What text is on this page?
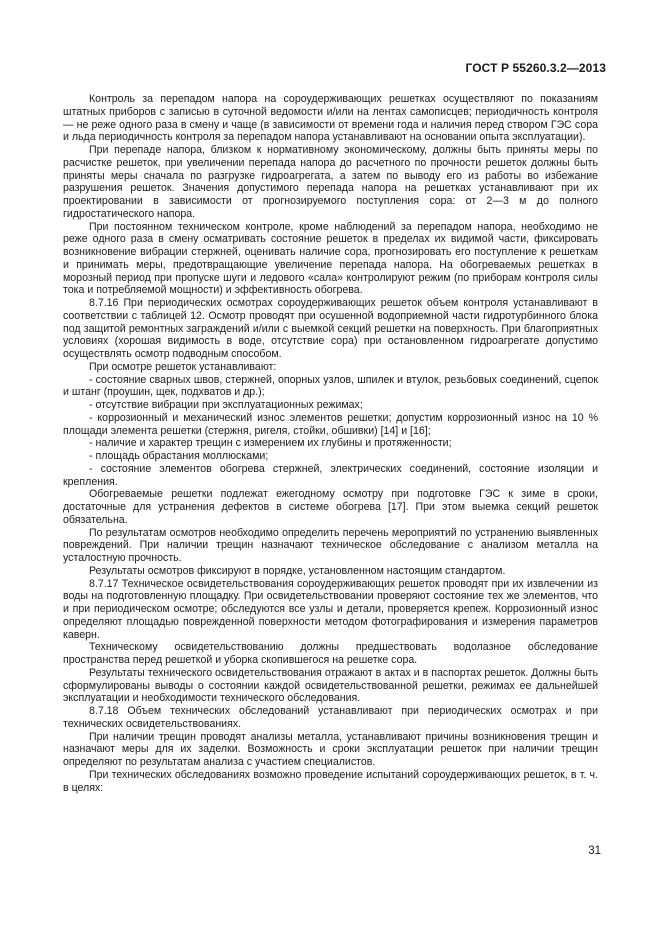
ГОСТ Р 55260.3.2—2013

Контроль за перепадом напора на сороудерживающих решетках осуществляют по показаниям штатных приборов с записью в суточной ведомости и/или на лентах самописцев; периодичность контроля — не реже одного раза в смену и чаще (в зависимости от времени года и наличия перед створом ГЭС сора и льда периодичность контроля за перепадом напора устанавливают на основании опыта эксплуатации).

При перепаде напора, близком к нормативному экономическому, должны быть приняты меры по расчистке решеток, при увеличении перепада напора до расчетного по прочности решеток должны быть приняты меры сначала по разгрузке гидроагрегата, а затем по выводу его из работы во избежание разрушения решеток. Значения допустимого перепада напора на решетках устанавливают при их проектировании в зависимости от прогнозируемого поступления сора: от 2—3 м до полного гидростатического напора.

При постоянном техническом контроле, кроме наблюдений за перепадом напора, необходимо не реже одного раза в смену осматривать состояние решеток в пределах их видимой части, фиксировать возникновение вибрации стержней, оценивать наличие сора, прогнозировать его поступление к решеткам и принимать меры, предотвращающие увеличение перепада напора. На обогреваемых решетках в морозный период при пропуске шуги и ледового «сала» контролируют режим (по приборам контроля силы тока и потребляемой мощности) и эффективность обогрева.

8.7.16 При периодических осмотрах сороудерживающих решеток объем контроля устанавливают в соответствии с таблицей 12. Осмотр проводят при осушенной водоприемной части гидротурбинного блока под защитой ремонтных заграждений и/или с выемкой секций решетки на поверхность. При благоприятных условиях (хорошая видимость в воде, отсутствие сора) при остановленном гидроагрегате допустимо осуществлять осмотр подводным способом.

При осмотре решеток устанавливают:

- состояние сварных швов, стержней, опорных узлов, шпилек и втулок, резьбовых соединений, сцепок и штанг (проушин, щек, подхватов и др.);

- отсутствие вибрации при эксплуатационных режимах;

- коррозионный и механический износ элементов решетки; допустим коррозионный износ на 10 % площади элемента решетки (стержня, ригеля, стойки, обшивки) [14] и [16];

- наличие и характер трещин с измерением их глубины и протяженности;

- площадь обрастания моллюсками;

- состояние элементов обогрева стержней, электрических соединений, состояние изоляции и крепления.

Обогреваемые решетки подлежат ежегодному осмотру при подготовке ГЭС к зиме в сроки, достаточные для устранения дефектов в системе обогрева [17]. При этом выемка секций решеток обязательна.

По результатам осмотров необходимо определить перечень мероприятий по устранению выявленных повреждений. При наличии трещин назначают техническое обследование с анализом металла на усталостную прочность.

Результаты осмотров фиксируют в порядке, установленном настоящим стандартом.

8.7.17 Техническое освидетельствования сороудерживающих решеток проводят при их извлечении из воды на подготовленную площадку. При освидетельствовании проверяют состояние тех же элементов, что и при периодическом осмотре; обследуются все узлы и детали, проверяется крепеж. Коррозионный износ определяют площадью поврежденной поверхности методом фотографирования и измерения параметров каверн.

Техническому освидетельствованию должны предшествовать водолазное обследование пространства перед решеткой и уборка скопившегося на решетке сора.

Результаты технического освидетельствования отражают в актах и в паспортах решеток. Должны быть сформулированы выводы о состоянии каждой освидетельствованной решетки, режимах ее дальнейшей эксплуатации и необходимости технического обследования.

8.7.18 Объем технических обследований устанавливают при периодических осмотрах и при технических освидетельствованиях.

При наличии трещин проводят анализы металла, устанавливают причины возникновения трещин и назначают меры для их заделки. Возможность и сроки эксплуатации решеток при наличии трещин определяют по результатам анализа с участием специалистов.

При технических обследованиях возможно проведение испытаний сороудерживающих решеток, в т. ч. в целях:

31
